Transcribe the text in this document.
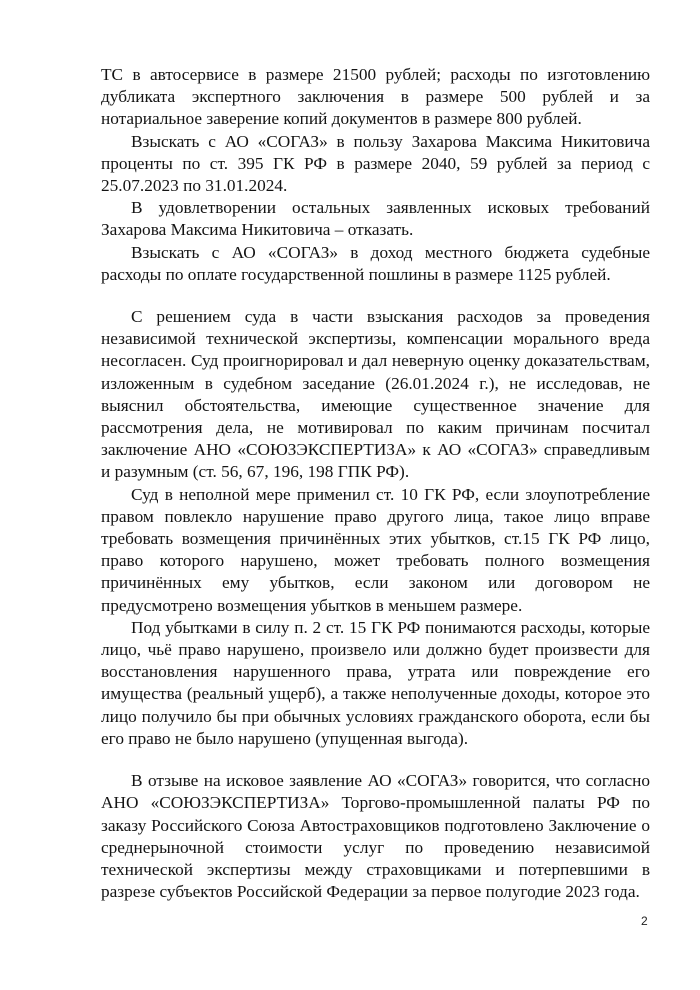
ТС в автосервисе в размере 21500 рублей; расходы по изготовлению дубликата экспертного заключения в размере 500 рублей и за нотариальное заверение копий документов в размере 800 рублей.

Взыскать с АО «СОГАЗ» в пользу Захарова Максима Никитовича проценты по ст. 395 ГК РФ в размере 2040, 59 рублей за период с 25.07.2023 по 31.01.2024.

В удовлетворении остальных заявленных исковых требований Захарова Максима Никитовича – отказать.

Взыскать с АО «СОГАЗ» в доход местного бюджета судебные расходы по оплате государственной пошлины в размере 1125 рублей.

С решением суда в части взыскания расходов за проведения независимой технической экспертизы, компенсации морального вреда несогласен. Суд проигнорировал и дал неверную оценку доказательствам, изложенным в судебном заседание (26.01.2024 г.), не исследовав, не выяснил обстоятельства, имеющие существенное значение для рассмотрения дела, не мотивировал по каким причинам посчитал заключение АНО «СОЮЗЭКСПЕРТИЗА» к АО «СОГАЗ» справедливым и разумным (ст. 56, 67, 196, 198 ГПК РФ).

Суд в неполной мере применил ст. 10 ГК РФ, если злоупотребление правом повлекло нарушение право другого лица, такое лицо вправе требовать возмещения причинённых этих убытков, ст.15 ГК РФ лицо, право которого нарушено, может требовать полного возмещения причинённых ему убытков, если законом или договором не предусмотрено возмещения убытков в меньшем размере.

Под убытками в силу п. 2 ст. 15 ГК РФ понимаются расходы, которые лицо, чьё право нарушено, произвело или должно будет произвести для восстановления нарушенного права, утрата или повреждение его имущества (реальный ущерб), а также неполученные доходы, которое это лицо получило бы при обычных условиях гражданского оборота, если бы его право не было нарушено (упущенная выгода).

В отзыве на исковое заявление АО «СОГАЗ» говорится, что согласно АНО «СОЮЗЭКСПЕРТИЗА» Торгово-промышленной палаты РФ по заказу Российского Союза Автостраховщиков подготовлено Заключение о среднерыночной стоимости услуг по проведению независимой технической экспертизы между страховщиками и потерпевшими в разрезе субъектов Российской Федерации за первое полугодие 2023 года.

2
